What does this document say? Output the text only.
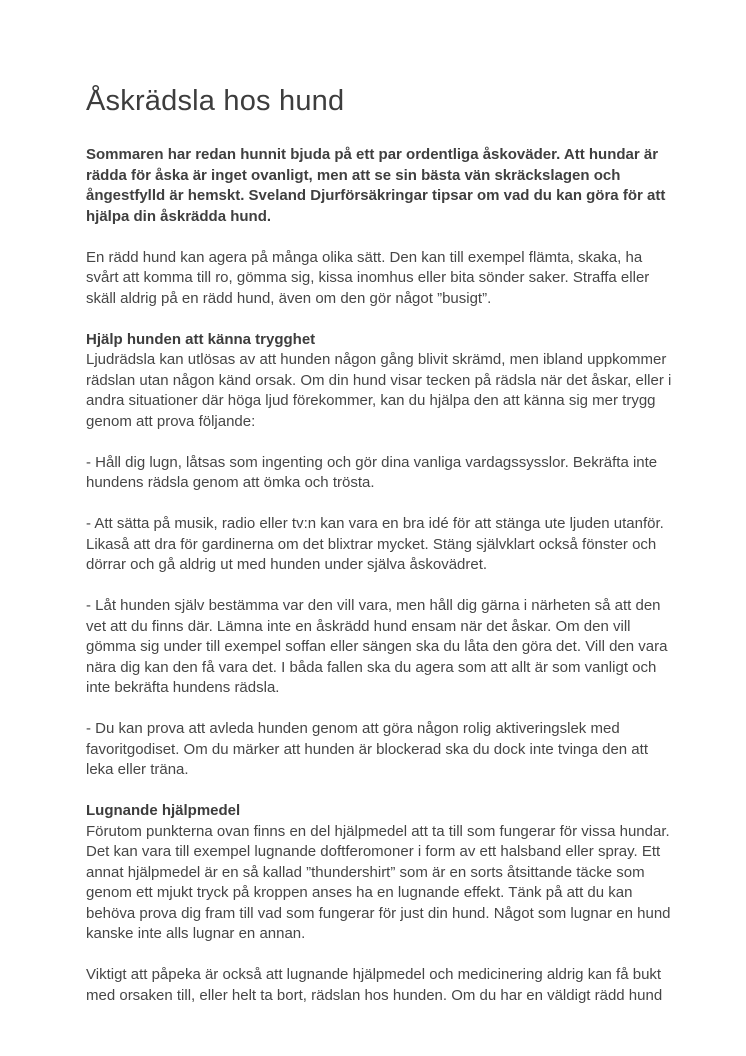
Åskrädsla hos hund

Sommaren har redan hunnit bjuda på ett par ordentliga åskoväder. Att hundar är rädda för åska är inget ovanligt, men att se sin bästa vän skräckslagen och ångestfylld är hemskt. Sveland Djurförsäkringar tipsar om vad du kan göra för att hjälpa din åskrädda hund.

En rädd hund kan agera på många olika sätt. Den kan till exempel flämta, skaka, ha svårt att komma till ro, gömma sig, kissa inomhus eller bita sönder saker. Straffa eller skäll aldrig på en rädd hund, även om den gör något ”busigt”.

Hjälp hunden att känna trygghet

Ljudrädsla kan utlösas av att hunden någon gång blivit skrämd, men ibland uppkommer rädslan utan någon känd orsak. Om din hund visar tecken på rädsla när det åskar, eller i andra situationer där höga ljud förekommer, kan du hjälpa den att känna sig mer trygg genom att prova följande:

- Håll dig lugn, låtsas som ingenting och gör dina vanliga vardagssysslor. Bekräfta inte hundens rädsla genom att ömka och trösta.

- Att sätta på musik, radio eller tv:n kan vara en bra idé för att stänga ute ljuden utanför. Likaså att dra för gardinerna om det blixtrar mycket. Stäng självklart också fönster och dörrar och gå aldrig ut med hunden under själva åskovädret.

- Låt hunden själv bestämma var den vill vara, men håll dig gärna i närheten så att den vet att du finns där. Lämna inte en åskrädd hund ensam när det åskar. Om den vill gömma sig under till exempel soffan eller sängen ska du låta den göra det. Vill den vara nära dig kan den få vara det. I båda fallen ska du agera som att allt är som vanligt och inte bekräfta hundens rädsla.

- Du kan prova att avleda hunden genom att göra någon rolig aktiveringslek med favoritgodiset. Om du märker att hunden är blockerad ska du dock inte tvinga den att leka eller träna.

Lugnande hjälpmedel

Förutom punkterna ovan finns en del hjälpmedel att ta till som fungerar för vissa hundar. Det kan vara till exempel lugnande doftferomoner i form av ett halsband eller spray. Ett annat hjälpmedel är en så kallad ”thundershirt” som är en sorts åtsittande täcke som genom ett mjukt tryck på kroppen anses ha en lugnande effekt. Tänk på att du kan behöva prova dig fram till vad som fungerar för just din hund. Något som lugnar en hund kanske inte alls lugnar en annan.

Viktigt att påpeka är också att lugnande hjälpmedel och medicinering aldrig kan få bukt med orsaken till, eller helt ta bort, rädslan hos hunden. Om du har en väldigt rädd hund
